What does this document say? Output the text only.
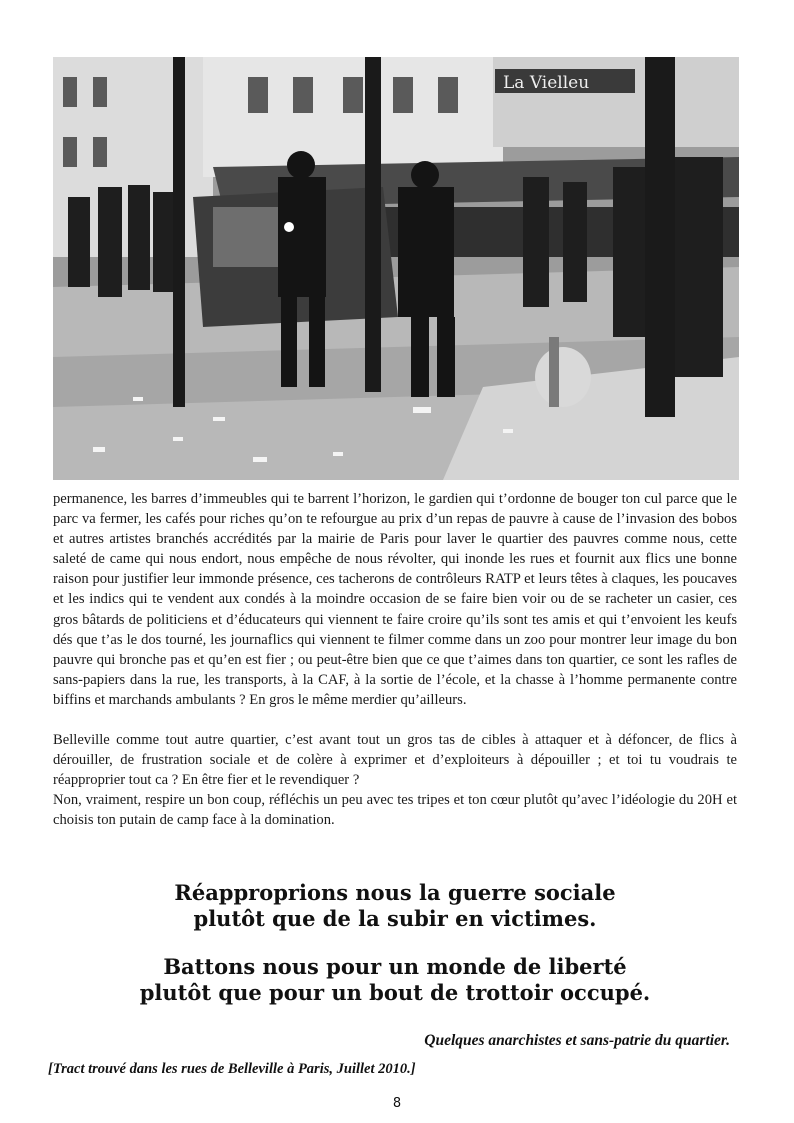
La Vielleu

permanence, les barres d’immeubles qui te barrent l’horizon, le gardien qui t’ordonne de bouger ton cul parce que le parc va fermer, les cafés pour riches qu’on te refourgue au prix d’un repas de pauvre à cause de l’invasion des bobos et autres artistes branchés accrédités par la mairie de Paris pour laver le quartier des pauvres comme nous, cette saleté de came qui nous endort, nous empêche de nous révolter, qui inonde les rues et fournit aux flics une bonne raison pour justifier leur immonde présence, ces tacherons de contrôleurs RATP et leurs têtes à claques, les poucaves et les indics qui te vendent aux condés à la moindre occasion de se faire bien voir ou de se racheter un casier, ces gros bâtards de politiciens et d’éducateurs qui viennent te faire croire qu’ils sont tes amis et qui t’envoient les keufs dés que t’as le dos tourné, les journaflics qui viennent te filmer comme dans un zoo pour montrer leur image du bon pauvre qui bronche pas et qu’en est fier ; ou peut-être bien que ce que t’aimes dans ton quartier, ce sont les rafles de sans-papiers dans la rue, les transports, à la CAF, à la sortie de l’école, et la chasse à l’homme permanente contre biffins et marchands ambulants ? En gros le même merdier qu’ailleurs.

Belleville comme tout autre quartier, c’est avant tout un gros tas de cibles à attaquer et à défoncer, de flics à dérouiller, de frustration sociale et de colère à exprimer et d’exploiteurs à dépouiller ; et toi tu voudrais te réapproprier tout ca ? En être fier et le revendiquer ?

Non, vraiment, respire un bon coup, réfléchis un peu avec tes tripes et ton cœur plutôt qu’avec l’idéologie du 20H et choisis ton putain de camp face à la domination.

Réapproprions nous la guerre sociale
plutôt que de la subir en victimes.
Battons nous pour un monde de liberté
plutôt que pour un bout de trottoir occupé.
Quelques anarchistes et sans-patrie du quartier.
[Tract trouvé dans les rues de Belleville à Paris, Juillet 2010.]
8
